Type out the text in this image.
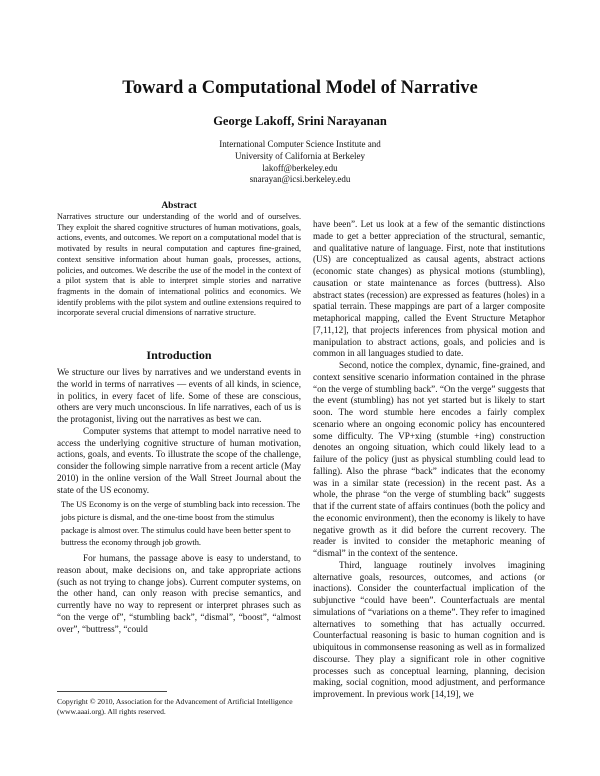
Toward a Computational Model of Narrative
George Lakoff, Srini Narayanan
International Computer Science Institute and
University of California at Berkeley
lakoff@berkeley.edu
snarayan@icsi.berkeley.edu
Abstract
Narratives structure our understanding of the world and of ourselves. They exploit the shared cognitive structures of human motivations, goals, actions, events, and outcomes. We report on a computational model that is motivated by results in neural computation and captures fine-grained, context sensitive information about human goals, processes, actions, policies, and outcomes. We describe the use of the model in the context of a pilot system that is able to interpret simple stories and narrative fragments in the domain of international politics and economics. We identify problems with the pilot system and outline extensions required to incorporate several crucial dimensions of narrative structure.
Introduction

We structure our lives by narratives and we understand events in the world in terms of narratives — events of all kinds, in science, in politics, in every facet of life. Some of these are conscious, others are very much unconscious. In life narratives, each of us is the protagonist, living out the narratives as best we can.

Computer systems that attempt to model narrative need to access the underlying cognitive structure of human motivation, actions, goals, and events. To illustrate the scope of the challenge, consider the following simple narrative from a recent article (May 2010) in the online version of the Wall Street Journal about the state of the US economy.

The US Economy is on the verge of stumbling back into recession. The jobs picture is dismal, and the one-time boost from the stimulus package is almost over. The stimulus could have been better spent to buttress the economy through job growth.

For humans, the passage above is easy to understand, to reason about, make decisions on, and take appropriate actions (such as not trying to change jobs). Current computer systems, on the other hand, can only reason with precise semantics, and currently have no way to represent or interpret phrases such as “on the verge of”, “stumbling back”, “dismal”, “boost”, “almost over”, “buttress”, “could

Copyright © 2010, Association for the Advancement of Artificial Intelligence (www.aaai.org). All rights reserved.

have been”. Let us look at a few of the semantic distinctions made to get a better appreciation of the structural, semantic, and qualitative nature of language. First, note that institutions (US) are conceptualized as causal agents, abstract actions (economic state changes) as physical motions (stumbling), causation or state maintenance as forces (buttress). Also abstract states (recession) are expressed as features (holes) in a spatial terrain. These mappings are part of a larger composite metaphorical mapping, called the Event Structure Metaphor [7,11,12], that projects inferences from physical motion and manipulation to abstract actions, goals, and policies and is common in all languages studied to date.

Second, notice the complex, dynamic, fine-grained, and context sensitive scenario information contained in the phrase “on the verge of stumbling back”. “On the verge” suggests that the event (stumbling) has not yet started but is likely to start soon. The word stumble here encodes a fairly complex scenario where an ongoing economic policy has encountered some difficulty. The VP+xing (stumble +ing) construction denotes an ongoing situation, which could likely lead to a failure of the policy (just as physical stumbling could lead to falling). Also the phrase “back” indicates that the economy was in a similar state (recession) in the recent past. As a whole, the phrase “on the verge of stumbling back” suggests that if the current state of affairs continues (both the policy and the economic environment), then the economy is likely to have negative growth as it did before the current recovery. The reader is invited to consider the metaphoric meaning of “dismal” in the context of the sentence.

Third, language routinely involves imagining alternative goals, resources, outcomes, and actions (or inactions). Consider the counterfactual implication of the subjunctive “could have been”. Counterfactuals are mental simulations of “variations on a theme”. They refer to imagined alternatives to something that has actually occurred. Counterfactual reasoning is basic to human cognition and is ubiquitous in commonsense reasoning as well as in formalized discourse. They play a significant role in other cognitive processes such as conceptual learning, planning, decision making, social cognition, mood adjustment, and performance improvement. In previous work [14,19], we
